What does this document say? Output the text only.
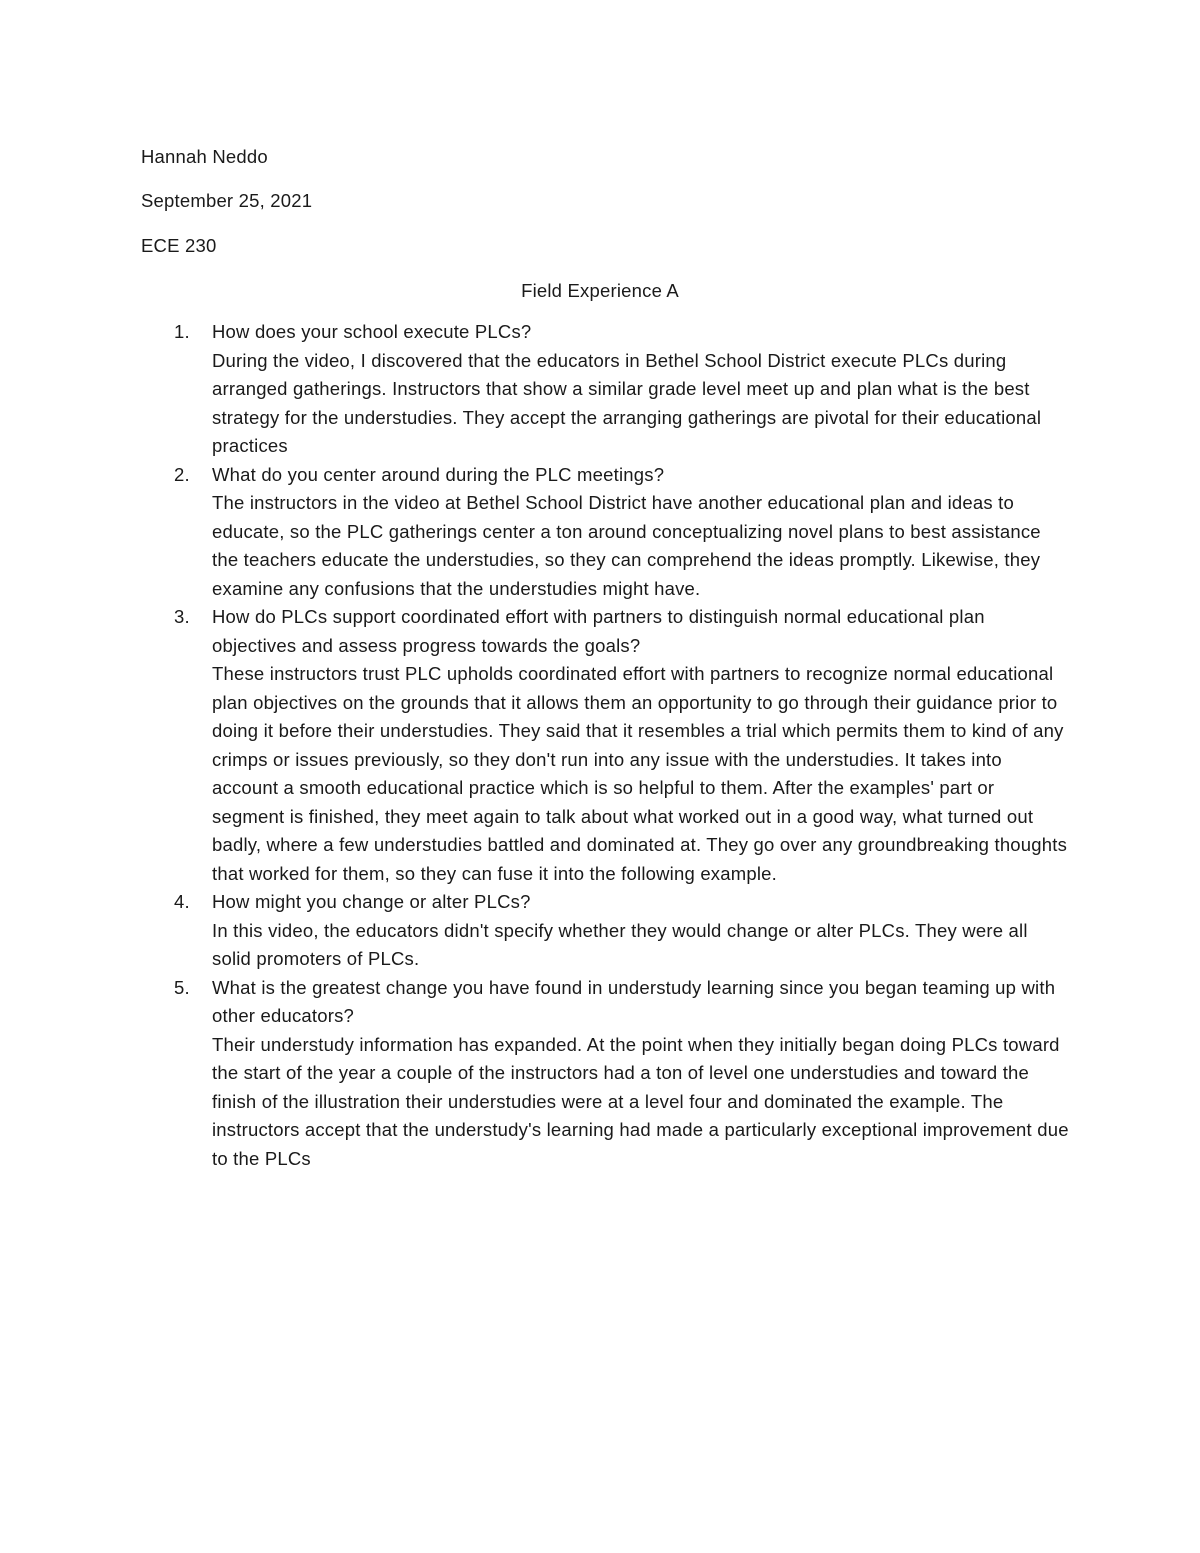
Hannah Neddo
September 25, 2021
ECE 230
Field Experience A
1. How does your school execute PLCs?
During the video, I discovered that the educators in Bethel School District execute PLCs during arranged gatherings. Instructors that show a similar grade level meet up and plan what is the best strategy for the understudies. They accept the arranging gatherings are pivotal for their educational practices
2. What do you center around during the PLC meetings?
The instructors in the video at Bethel School District have another educational plan and ideas to educate, so the PLC gatherings center a ton around conceptualizing novel plans to best assistance the teachers educate the understudies, so they can comprehend the ideas promptly. Likewise, they examine any confusions that the understudies might have.
3. How do PLCs support coordinated effort with partners to distinguish normal educational plan objectives and assess progress towards the goals?
These instructors trust PLC upholds coordinated effort with partners to recognize normal educational plan objectives on the grounds that it allows them an opportunity to go through their guidance prior to doing it before their understudies. They said that it resembles a trial which permits them to kind of any crimps or issues previously, so they don't run into any issue with the understudies. It takes into account a smooth educational practice which is so helpful to them. After the examples' part or segment is finished, they meet again to talk about what worked out in a good way, what turned out badly, where a few understudies battled and dominated at. They go over any groundbreaking thoughts that worked for them, so they can fuse it into the following example.
4. How might you change or alter PLCs?
In this video, the educators didn't specify whether they would change or alter PLCs. They were all solid promoters of PLCs.
5. What is the greatest change you have found in understudy learning since you began teaming up with other educators?
Their understudy information has expanded. At the point when they initially began doing PLCs toward the start of the year a couple of the instructors had a ton of level one understudies and toward the finish of the illustration their understudies were at a level four and dominated the example. The instructors accept that the understudy's learning had made a particularly exceptional improvement due to the PLCs
